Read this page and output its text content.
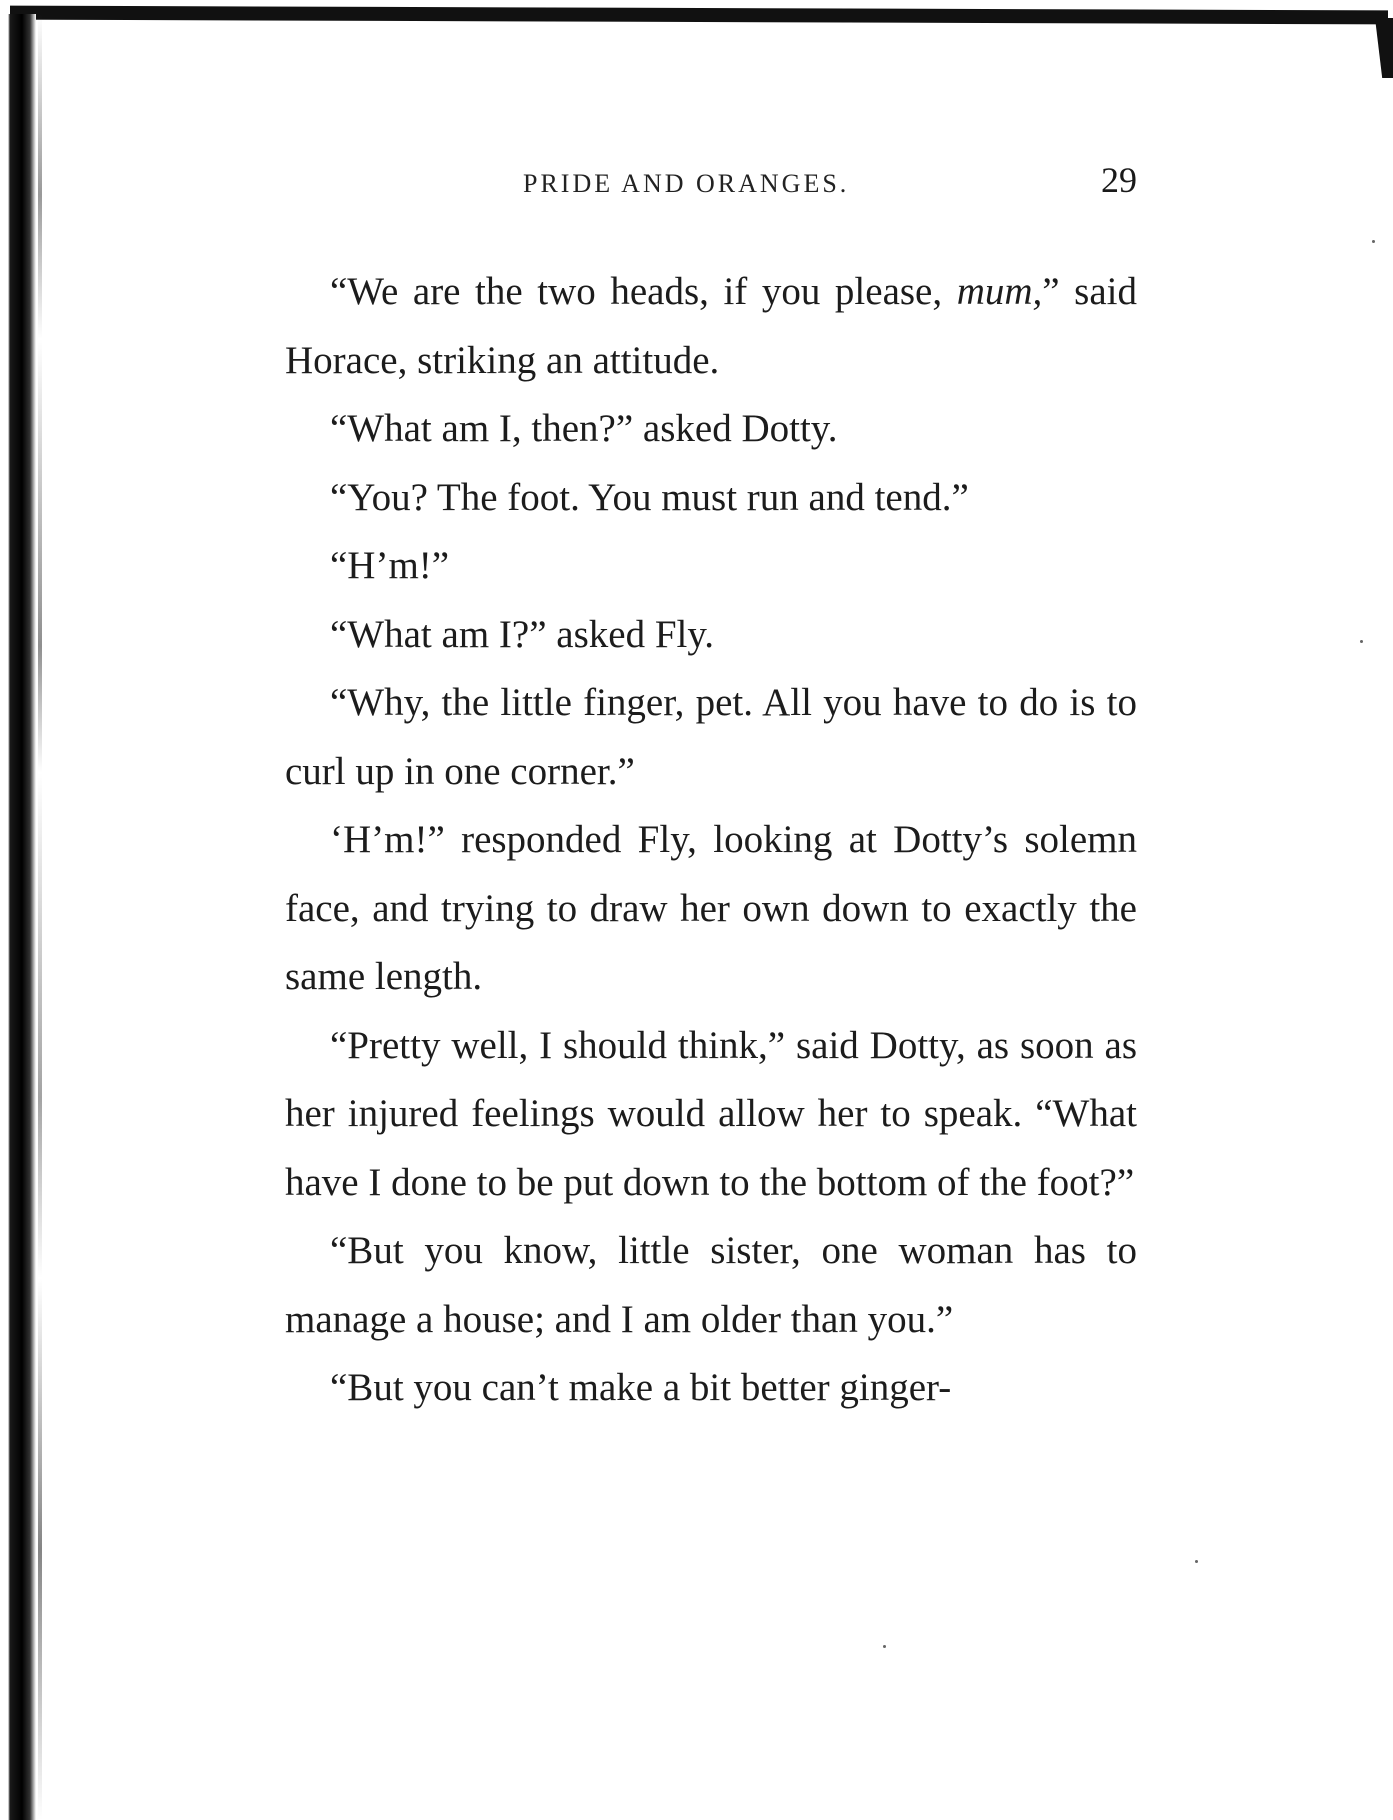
PRIDE AND ORANGES.	29

“We are the two heads, if you please, mum,” said Horace, striking an attitude.

“What am I, then?” asked Dotty.

“You? The foot. You must run and tend.”

“H’m!”

“What am I?” asked Fly.

“Why, the little finger, pet. All you have to do is to curl up in one corner.”

‘H’m!” responded Fly, looking at Dotty’s solemn face, and trying to draw her own down to exactly the same length.

“Pretty well, I should think,” said Dotty, as soon as her injured feelings would allow her to speak. “What have I done to be put down to the bottom of the foot?”

“But you know, little sister, one woman has to manage a house; and I am older than you.”

“But you can’t make a bit better ginger-
